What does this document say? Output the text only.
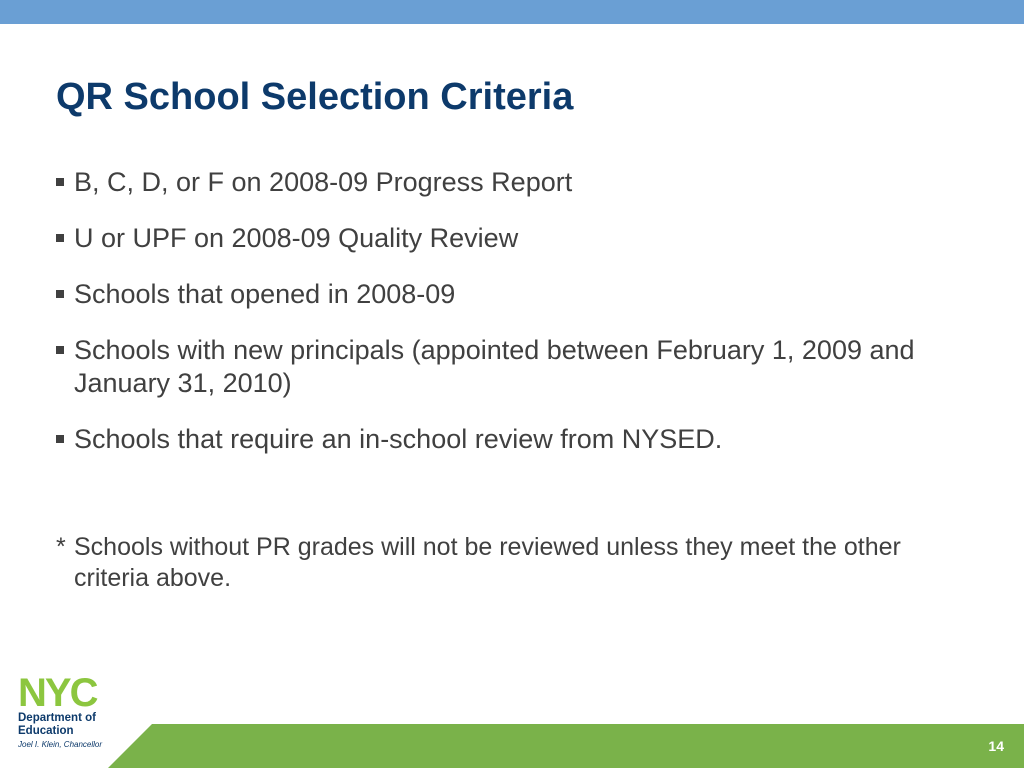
QR School Selection Criteria
B, C, D, or F on 2008-09 Progress Report
U or UPF on 2008-09 Quality Review
Schools that opened in 2008-09
Schools with new principals (appointed between February 1, 2009 and January 31, 2010)
Schools that require an in-school review from NYSED.
* Schools without PR grades will not be reviewed unless they meet the other criteria above.
NYC
Department of
Education
Joel I. Klein, Chancellor	14
